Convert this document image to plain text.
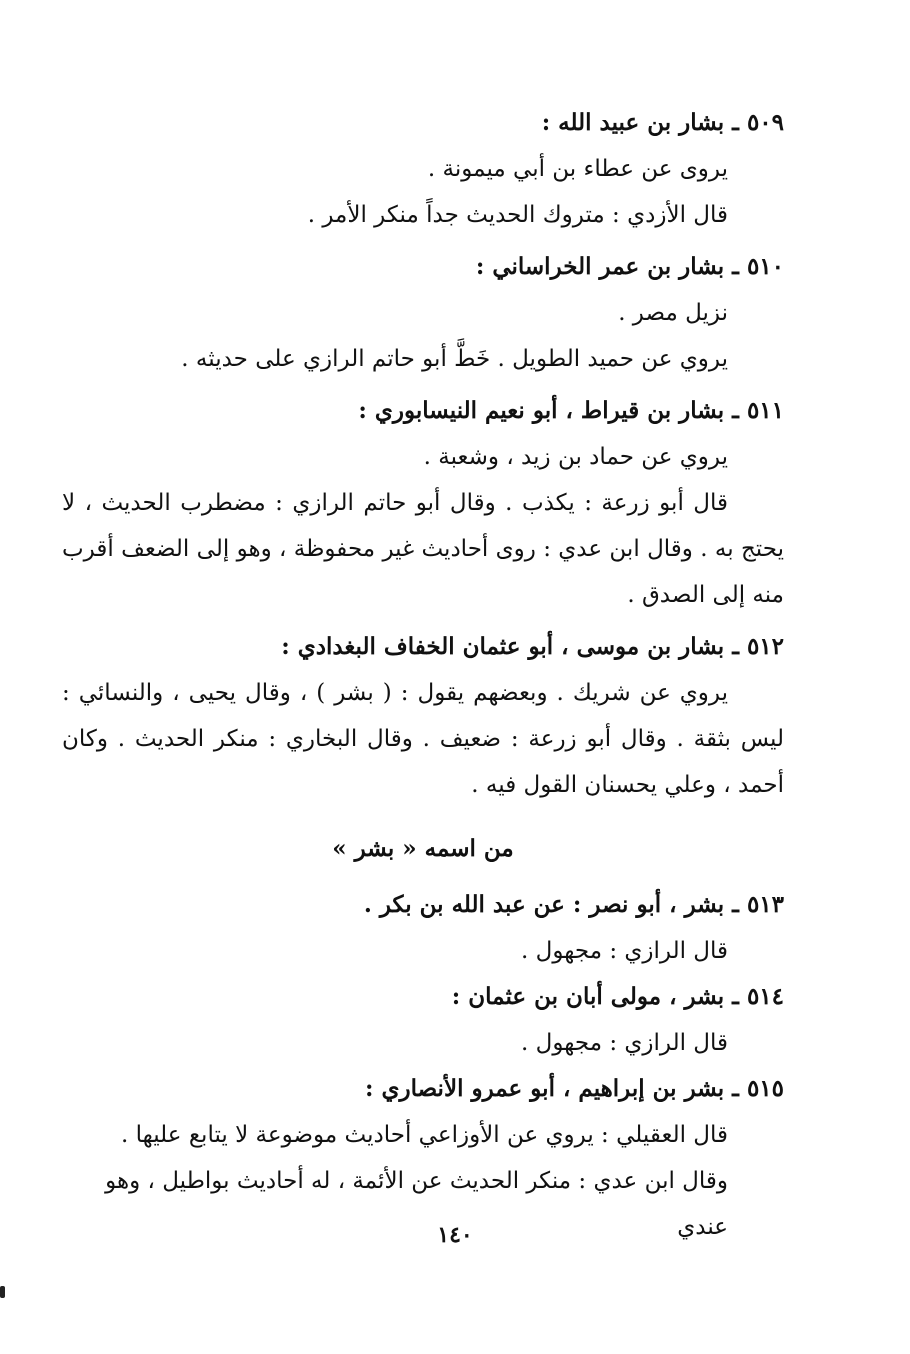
٥٠٩ ـ بشار بن عبيد الله :

يروى عن عطاء بن أبي ميمونة .

قال الأزدي : متروك الحديث جداً منكر الأمر .

٥١٠ ـ بشار بن عمر الخراساني :

نزيل مصر .

يروي عن حميد الطويل . خَطَّ أبو حاتم الرازي على حديثه .

٥١١ ـ بشار بن قيراط ، أبو نعيم النيسابوري :

يروي عن حماد بن زيد ، وشعبة .

قال أبو زرعة : يكذب . وقال أبو حاتم الرازي : مضطرب الحديث ، لا يحتج به . وقال ابن عدي : روى أحاديث غير محفوظة ، وهو إلى الضعف أقرب منه إلى الصدق .

٥١٢ ـ بشار بن موسى ، أبو عثمان الخفاف البغدادي :

يروي عن شريك . وبعضهم يقول : ( بشر ) ، وقال يحيى ، والنسائي : ليس بثقة . وقال أبو زرعة : ضعيف . وقال البخاري : منكر الحديث . وكان أحمد ، وعلي يحسنان القول فيه .

من اسمه « بشر »

٥١٣ ـ بشر ، أبو نصر : عن عبد الله بن بكر .

قال الرازي : مجهول .

٥١٤ ـ بشر ، مولى أبان بن عثمان :

قال الرازي : مجهول .

٥١٥ ـ بشر بن إبراهيم ، أبو عمرو الأنصاري :

قال العقيلي : يروي عن الأوزاعي أحاديث موضوعة لا يتابع عليها .

وقال ابن عدي : منكر الحديث عن الأئمة ، له أحاديث بواطيل ، وهو عندي

١٤٠
